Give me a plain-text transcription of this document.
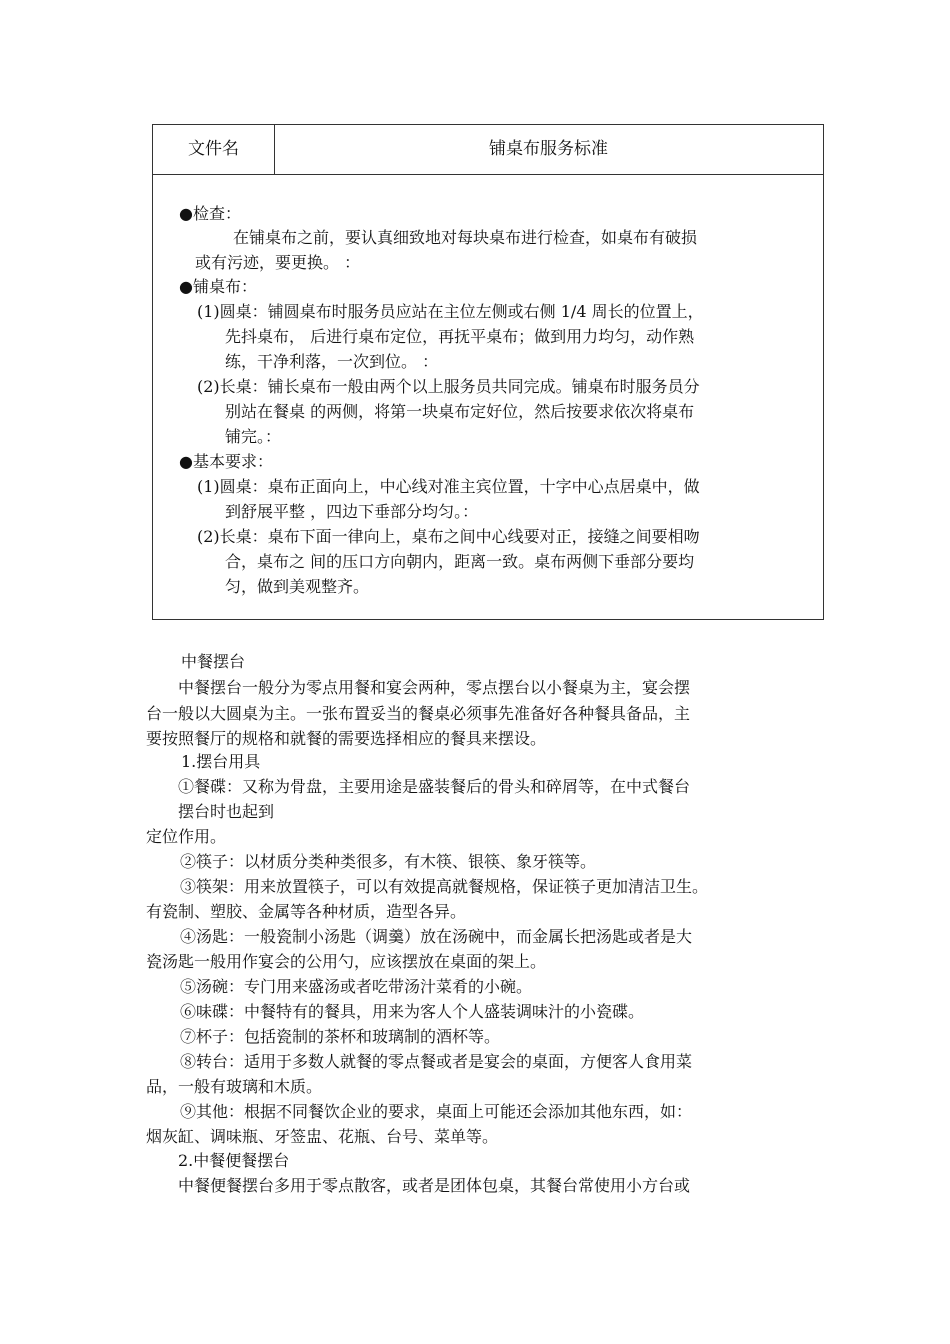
文件名	铺桌布服务标准
●检查：
在铺桌布之前，要认真细致地对每块桌布进行检查，如桌布有破损
或有污迹，要更换。 ：
●铺桌布：
(1)圆桌：铺圆桌布时服务员应站在主位左侧或右侧 1/4 周长的位置上，
先抖桌布， 后进行桌布定位，再抚平桌布；做到用力均匀，动作熟
练，干净利落，一次到位。 ：
(2)长桌：铺长桌布一般由两个以上服务员共同完成。铺桌布时服务员分
别站在餐桌 的两侧，将第一块桌布定好位，然后按要求依次将桌布
铺完。：
●基本要求：
(1)圆桌：桌布正面向上，中心线对准主宾位置，十字中心点居桌中，做
到舒展平整 ，四边下垂部分均匀。：
(2)长桌：桌布下面一律向上，桌布之间中心线要对正，接缝之间要相吻
合，桌布之 间的压口方向朝内，距离一致。桌布两侧下垂部分要均
匀，做到美观整齐。
中餐摆台
中餐摆台一般分为零点用餐和宴会两种，零点摆台以小餐桌为主，宴会摆
台一般以大圆桌为主。一张布置妥当的餐桌必须事先准备好各种餐具备品，主
要按照餐厅的规格和就餐的需要选择相应的餐具来摆设。
1.摆台用具
①餐碟：又称为骨盘，主要用途是盛装餐后的骨头和碎屑等，在中式餐台
摆台时也起到
定位作用。
②筷子：以材质分类种类很多，有木筷、银筷、象牙筷等。
③筷架：用来放置筷子，可以有效提高就餐规格，保证筷子更加清洁卫生。
有瓷制、塑胶、金属等各种材质，造型各异。
④汤匙：一般瓷制小汤匙（调羹）放在汤碗中，而金属长把汤匙或者是大
瓷汤匙一般用作宴会的公用勺，应该摆放在桌面的架上。
⑤汤碗：专门用来盛汤或者吃带汤汁菜肴的小碗。
⑥味碟：中餐特有的餐具，用来为客人个人盛装调味汁的小瓷碟。
⑦杯子：包括瓷制的茶杯和玻璃制的酒杯等。
⑧转台：适用于多数人就餐的零点餐或者是宴会的桌面，方便客人食用菜
品，一般有玻璃和木质。
⑨其他：根据不同餐饮企业的要求，桌面上可能还会添加其他东西，如：
烟灰缸、调味瓶、牙签盅、花瓶、台号、菜单等。
2.中餐便餐摆台
中餐便餐摆台多用于零点散客，或者是团体包桌，其餐台常使用小方台或
